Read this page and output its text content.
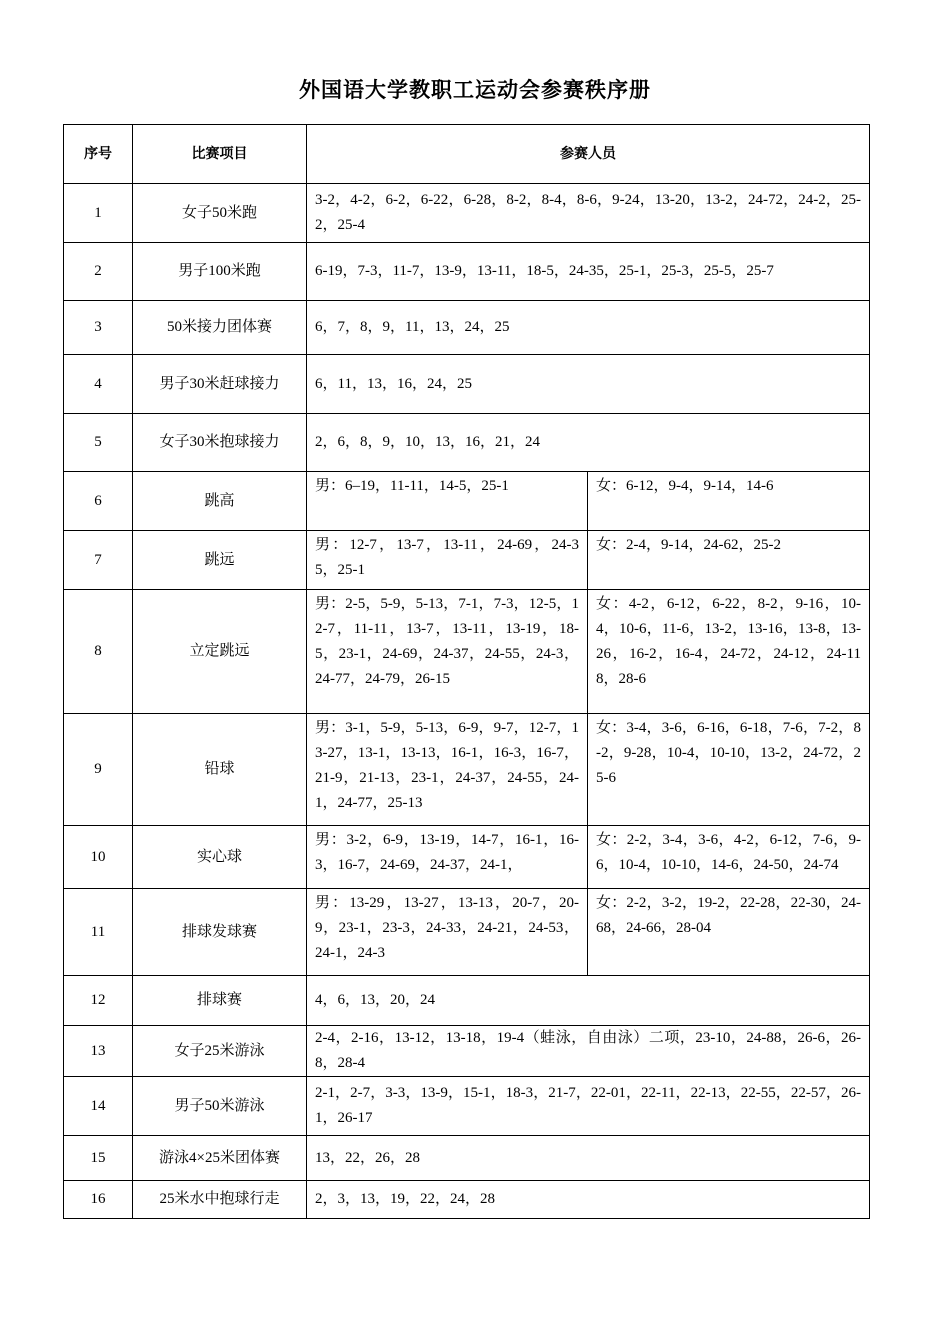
外国语大学教职工运动会参赛秩序册
序号	比赛项目	参赛人员	
1	女子50米跑	3-2，4-2，6-2，6-22，6-28，8-2，8-4，8-6，9-24，13-20，13-2，24-72，24-2，25-2，25-4	
2	男子100米跑	6-19，7-3，11-7，13-9，13-11，18-5，24-35，25-1，25-3，25-5，25-7	
3	50米接力团体赛	6，7，8，9，11，13，24，25	
4	男子30米赶球接力	6，11，13，16，24，25	
5	女子30米抱球接力	2，6，8，9，10，13，16，21，24	
6	跳高	男：6–19，11-11，14-5，25-1	女：6-12，9-4，9-14，14-6
7	跳远	男：12-7，13-7，13-11，24-69，24-35，25-1	女：2-4，9-14，24-62，25-2
8	立定跳远	男：2-5，5-9，5-13，7-1，7-3，12-5，12-7，11-11，13-7，13-11，13-19，18-5，23-1，24-69，24-37，24-55，24-3，24-77，24-79，26-15	女：4-2，6-12，6-22，8-2，9-16，10-4，10-6，11-6，13-2，13-16，13-8，13-26，16-2，16-4，24-72，24-12，24-118，28-6
9	铅球	男：3-1，5-9，5-13，6-9，9-7，12-7，13-27，13-1，13-13，16-1，16-3，16-7，21-9，21-13，23-1，24-37，24-55，24-1，24-77，25-13	女：3-4，3-6，6-16，6-18，7-6，7-2，8-2，9-28，10-4，10-10，13-2，24-72，25-6
10	实心球	男：3-2，6-9，13-19，14-7，16-1，16-3，16-7，24-69，24-37，24-1，	女：2-2，3-4，3-6，4-2，6-12，7-6，9-6，10-4，10-10，14-6，24-50，24-74
11	排球发球赛	男：13-29，13-27，13-13，20-7，20-9，23-1，23-3，24-33，24-21，24-53，24-1，24-3	女：2-2，3-2，19-2，22-28，22-30，24-68，24-66，28-04
12	排球赛	4，6，13，20，24	
13	女子25米游泳	2-4，2-16，13-12，13-18，19-4（蛙泳，自由泳）二项，23-10，24-88，26-6，26-8，28-4	
14	男子50米游泳	2-1，2-7，3-3，13-9，15-1，18-3，21-7，22-01，22-11，22-13，22-55，22-57，26-1，26-17	
15	游泳4×25米团体赛	13，22，26，28	
16	25米水中抱球行走	2，3，13，19，22，24，28	
